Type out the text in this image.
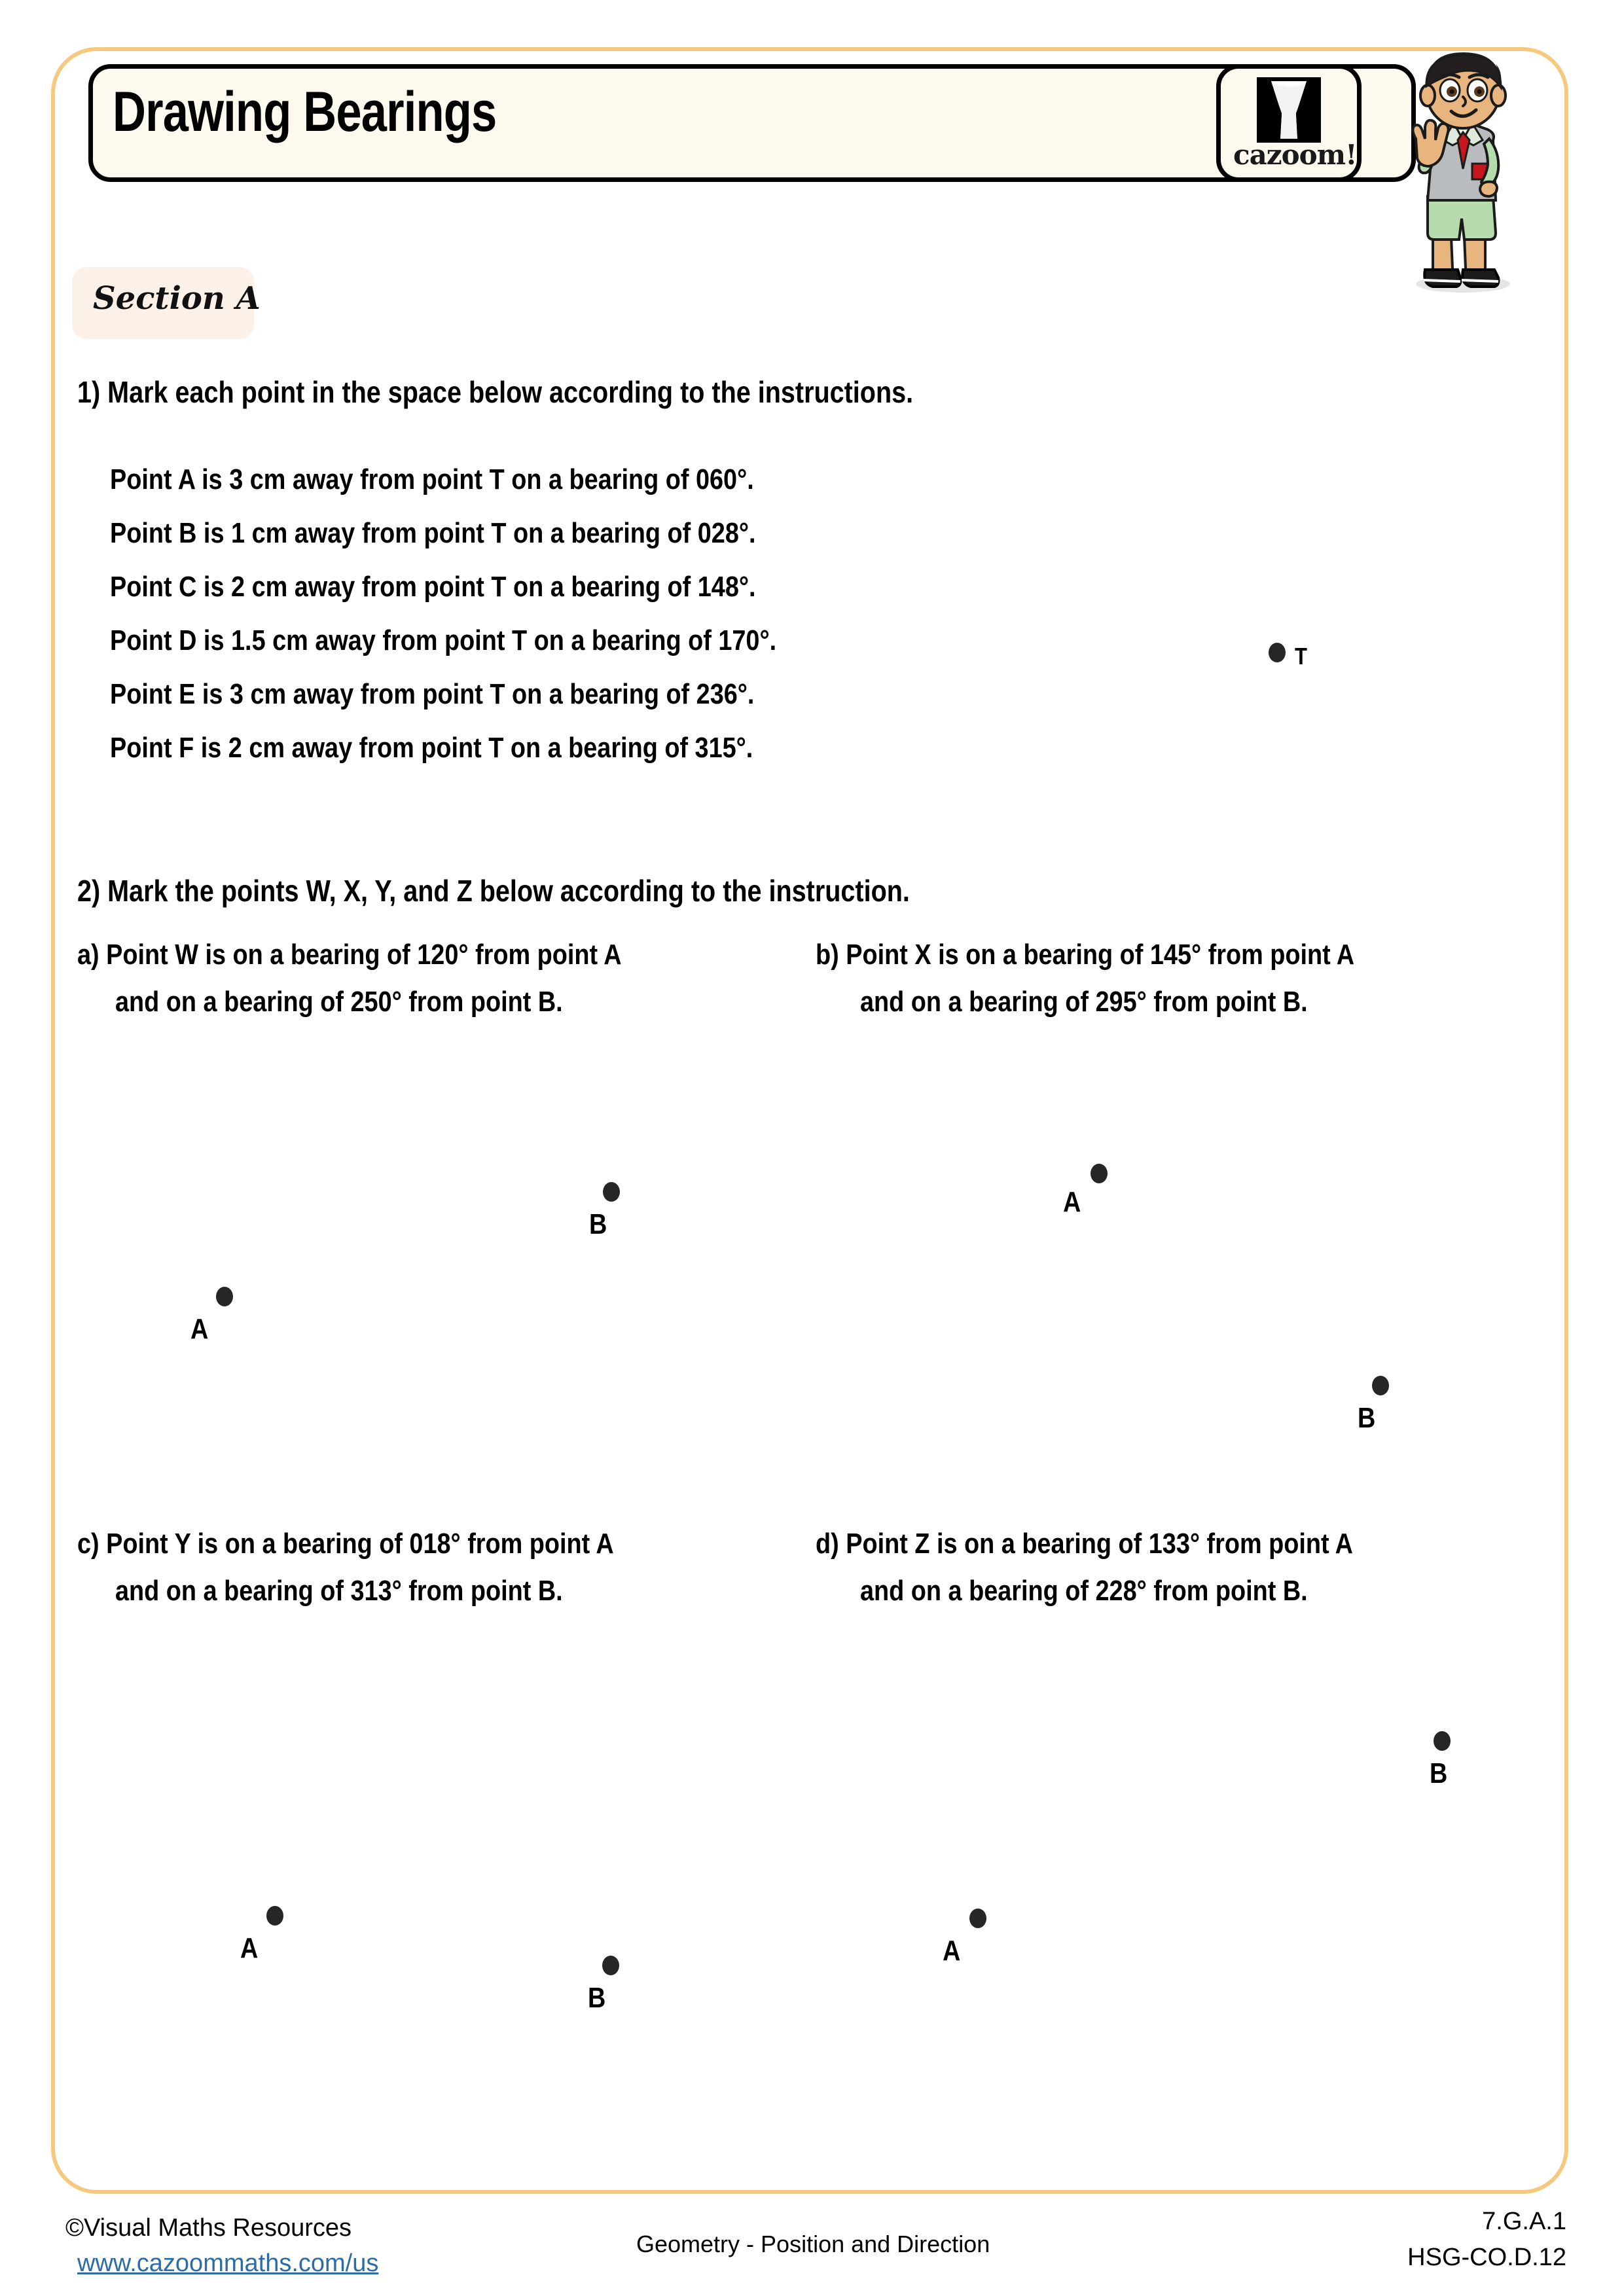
Drawing Bearings
cazoom!
Section A
1) Mark each point in the space below according to the instructions.
Point A is 3 cm away from point T on a bearing of 060°.
Point B is 1 cm away from point T on a bearing of 028°.
Point C is 2 cm away from point T on a bearing of 148°.
Point D is 1.5 cm away from point T on a bearing of 170°.
Point E is 3 cm away from point T on a bearing of 236°.
Point F is 2 cm away from point T on a bearing of 315°.
T
2) Mark the points W, X, Y, and Z below according to the instruction.
a) Point W is on a bearing of 120° from point A
and on a bearing of 250° from point B.
B
A
b) Point X is on a bearing of 145° from point A
and on a bearing of 295° from point B.
A
B
c) Point Y is on a bearing of 018° from point A
and on a bearing of 313° from point B.
A
B
d) Point Z is on a bearing of 133° from point A
and on a bearing of 228° from point B.
B
A
©Visual Maths Resources
www.cazoommaths.com/us
Geometry - Position and Direction
7.G.A.1
HSG-CO.D.12
